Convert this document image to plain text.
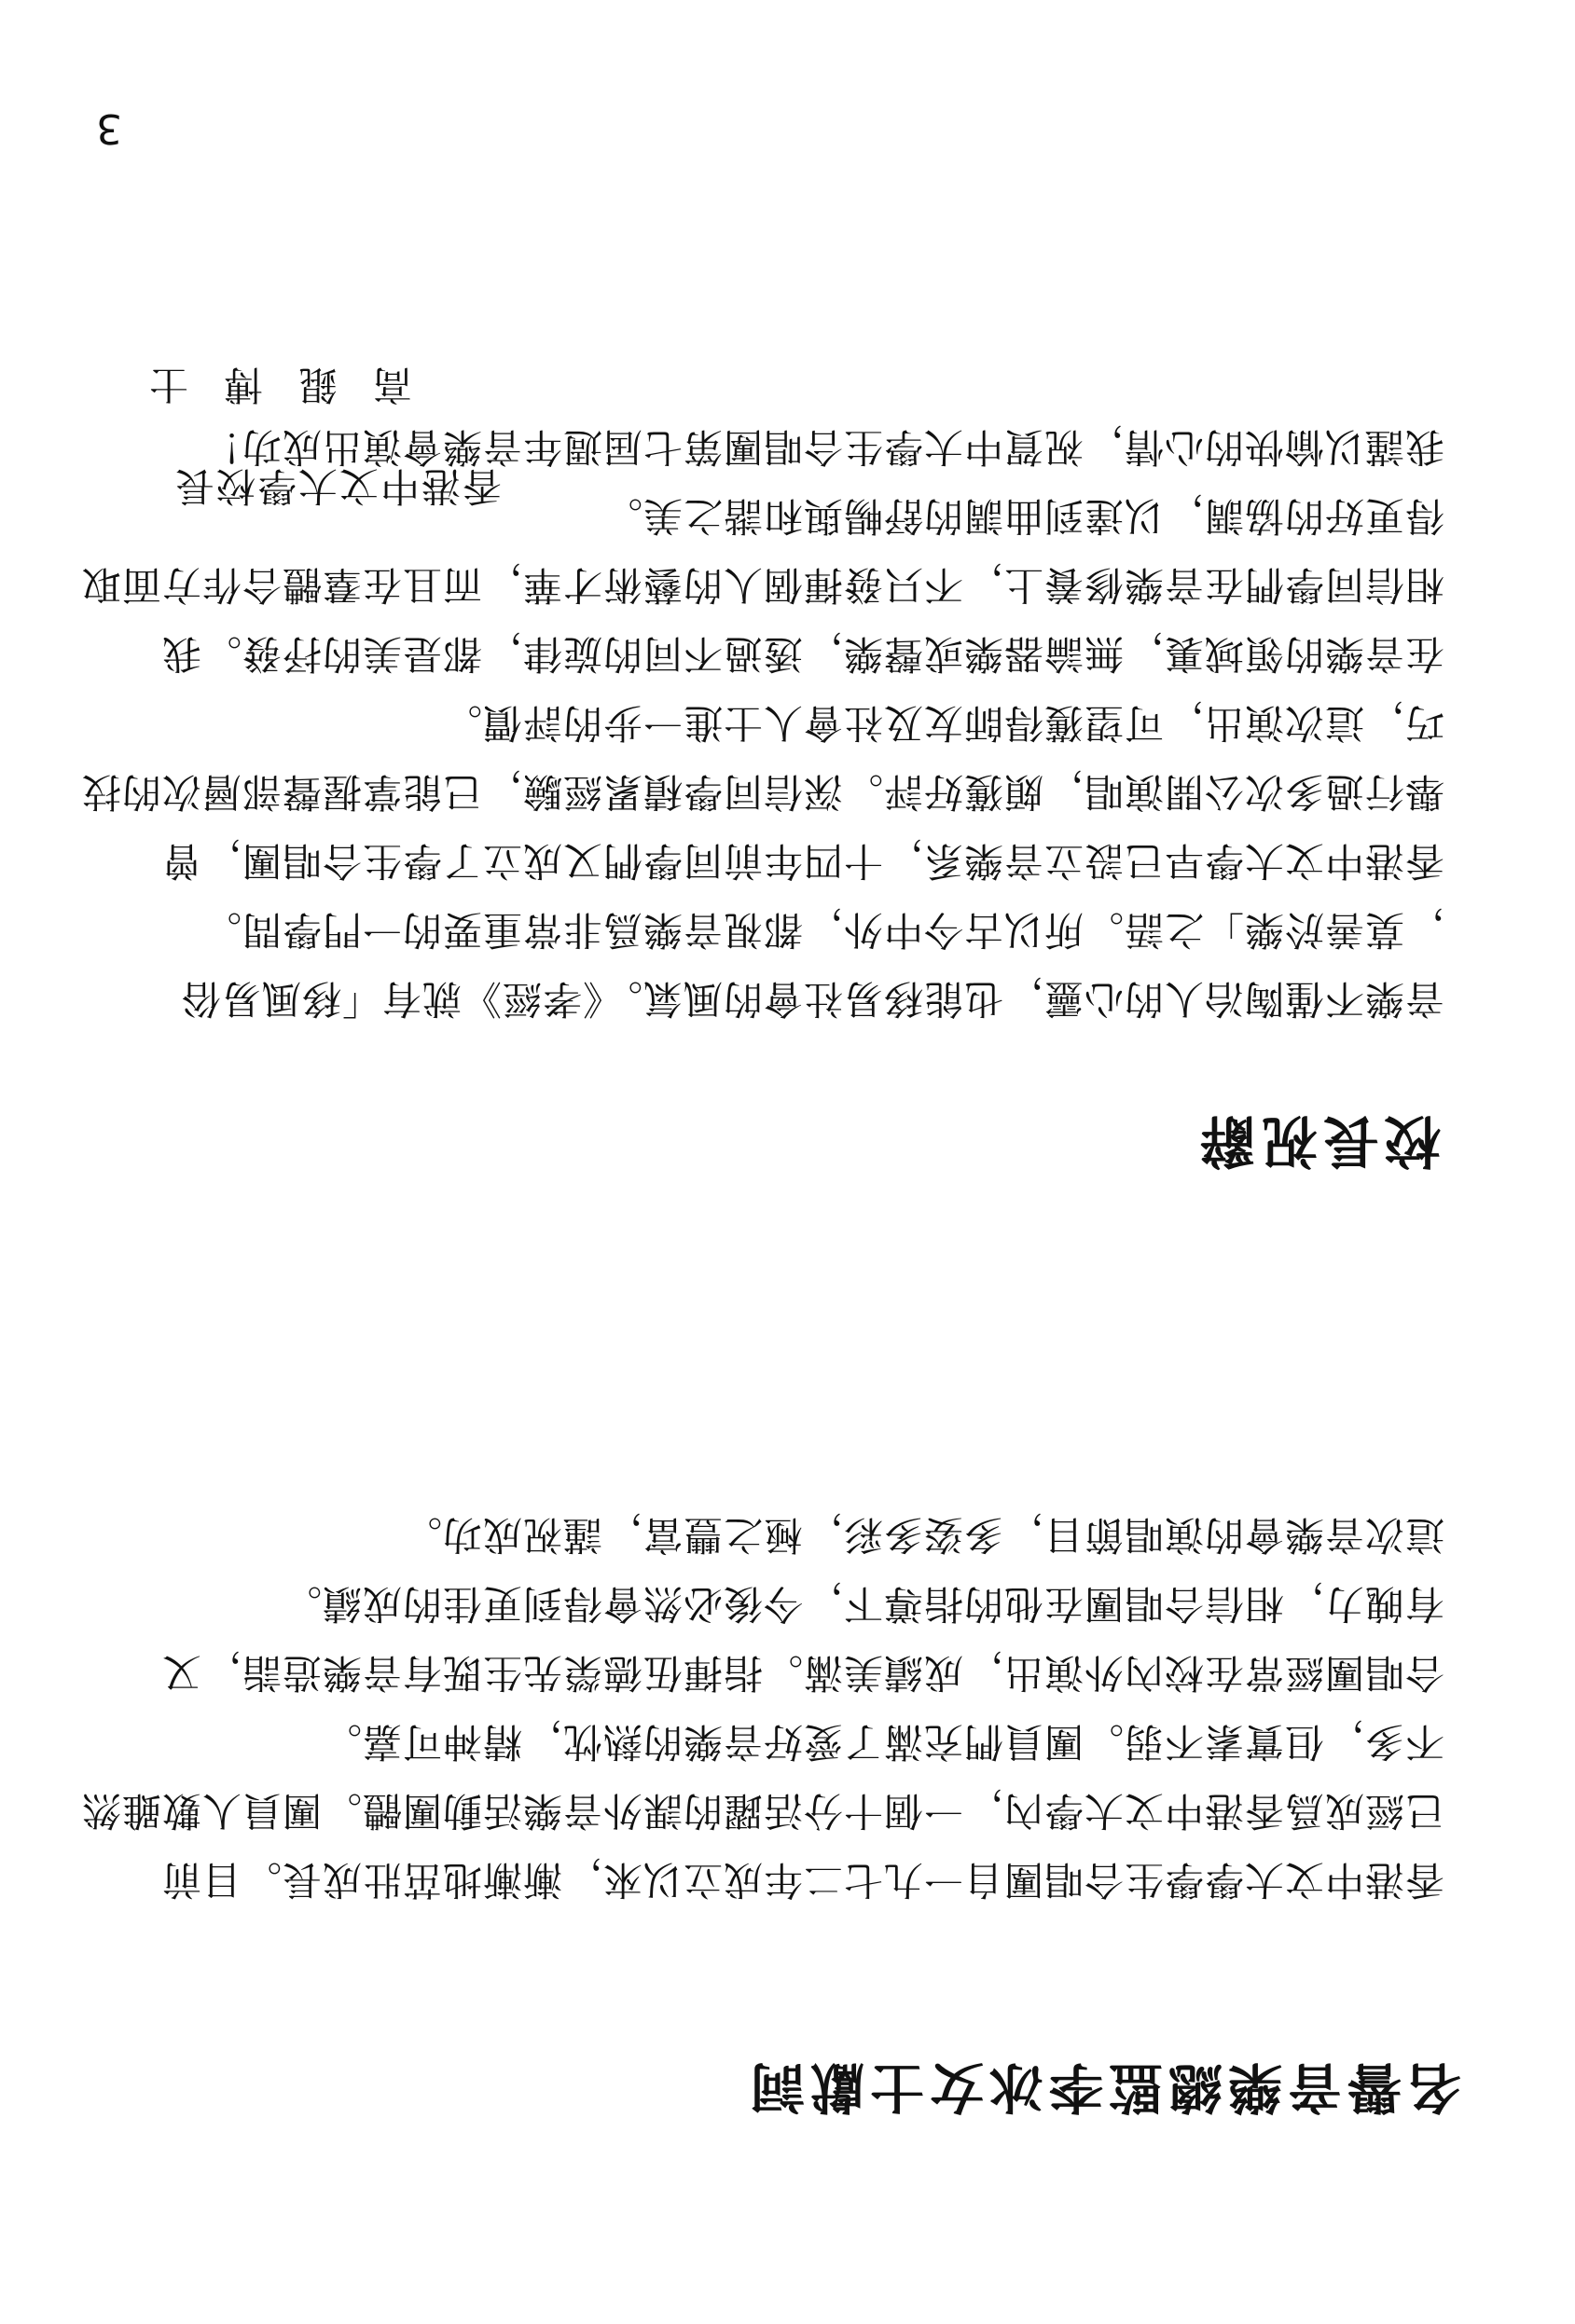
名譽音樂總監李冰女士獻詞

香港中文大學學生合唱團自一九七二年成立以來，漸漸地茁壯成長。目前

已經成爲香港中文大學內，一個十分活躍的課外音樂活動團體。團員人數雖然

不多，但實素不弱。團員們充滿了愛好音樂的熱忱，精神可嘉。

合唱團經常在校內外演出，成績美滿。指揮伍德榮先生既有音樂造詣，又

有魄力，相信合唱團在他的指導下，今後必然會得到更佳的成績。

這次音樂會的演唱節目，多姿多彩，極之豐富，謹祝成功。

校長祝辭

音樂不僅陶冶人的心靈，也能移易社會的風氣。《孝經》就有「移風易俗

，莫善於樂」之語。所以古今中外，都視音樂爲非常重要的一門學問。

香港中文大學早已設立音樂系，十四年前同學們又成立了學生合唱團，曾

舉行過多次公開演唱，頗獲好評。深信同學積累經驗，已能掌握聲部層次的技

巧，這次演出，可望獲得師友及社會人士進一步的評價。

在音樂的領域裏，無論器樂或聲樂，透過不同的旋律，都是美的抒發。我

相信同學們在音樂修養上，不只發揮個人的藝術才華，而且在羣體合作方面取

得更好的協調，以達到曲調的舒暢與和諧之美。

我謹以愉快的心情，祝賀中大學生合唱團第七屆週年音樂會演出成功！

香港中文大學校長
高錕博士
3
